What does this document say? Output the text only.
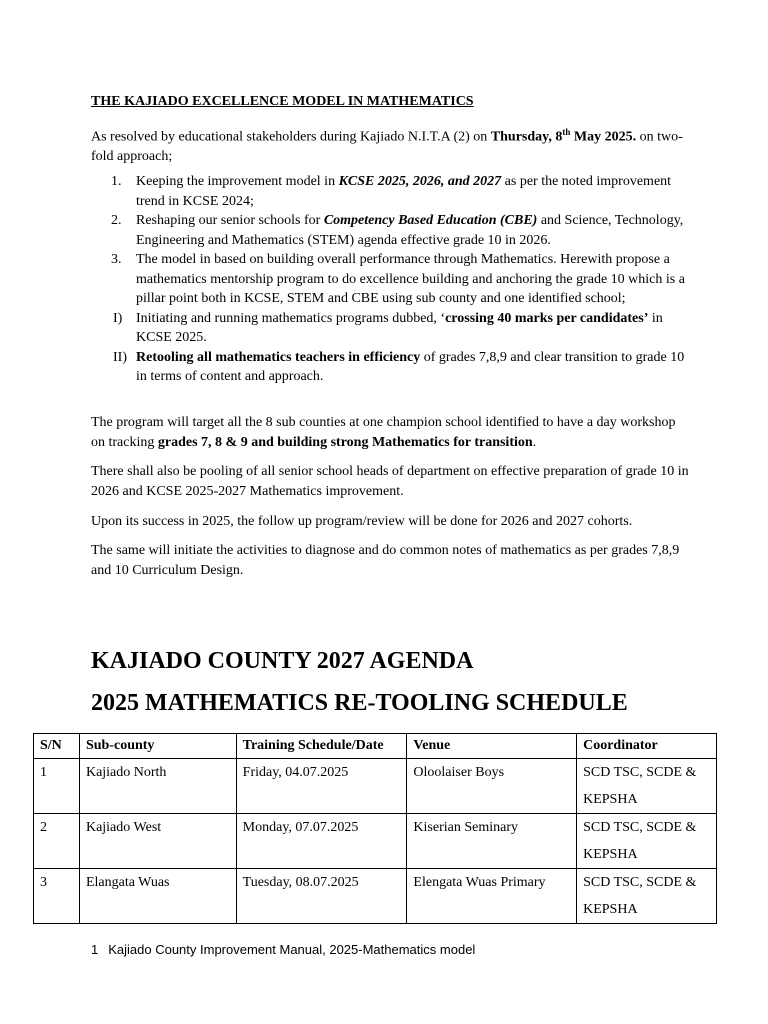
THE KAJIADO EXCELLENCE MODEL IN MATHEMATICS
As resolved by educational stakeholders during Kajiado N.I.T.A (2) on Thursday, 8th May 2025. on two-fold approach;
1. Keeping the improvement model in KCSE 2025, 2026, and 2027 as per the noted improvement trend in KCSE 2024;
2. Reshaping our senior schools for Competency Based Education (CBE) and Science, Technology, Engineering and Mathematics (STEM) agenda effective grade 10 in 2026.
3. The model in based on building overall performance through Mathematics. Herewith propose a mathematics mentorship program to do excellence building and anchoring the grade 10 which is a pillar point both in KCSE, STEM and CBE using sub county and one identified school;
I) Initiating and running mathematics programs dubbed, ‘crossing 40 marks per candidates’ in KCSE 2025.
II) Retooling all mathematics teachers in efficiency of grades 7,8,9 and clear transition to grade 10 in terms of content and approach.
The program will target all the 8 sub counties at one champion school identified to have a day workshop on tracking grades 7, 8 & 9 and building strong Mathematics for transition.
There shall also be pooling of all senior school heads of department on effective preparation of grade 10 in 2026 and KCSE 2025-2027 Mathematics improvement.
Upon its success in 2025, the follow up program/review will be done for 2026 and 2027 cohorts.
The same will initiate the activities to diagnose and do common notes of mathematics as per grades 7,8,9 and 10 Curriculum Design.
KAJIADO COUNTY 2027 AGENDA
2025 MATHEMATICS RE-TOOLING SCHEDULE
S/N	Sub-county	Training Schedule/Date	Venue	Coordinator
1	Kajiado North	Friday, 04.07.2025	Oloolaiser Boys	SCD TSC, SCDE & KEPSHA
2	Kajiado West	Monday, 07.07.2025	Kiserian Seminary	SCD TSC, SCDE & KEPSHA
3	Elangata Wuas	Tuesday, 08.07.2025	Elengata Wuas Primary	SCD TSC, SCDE & KEPSHA
1 Kajiado County Improvement Manual, 2025-Mathematics model
